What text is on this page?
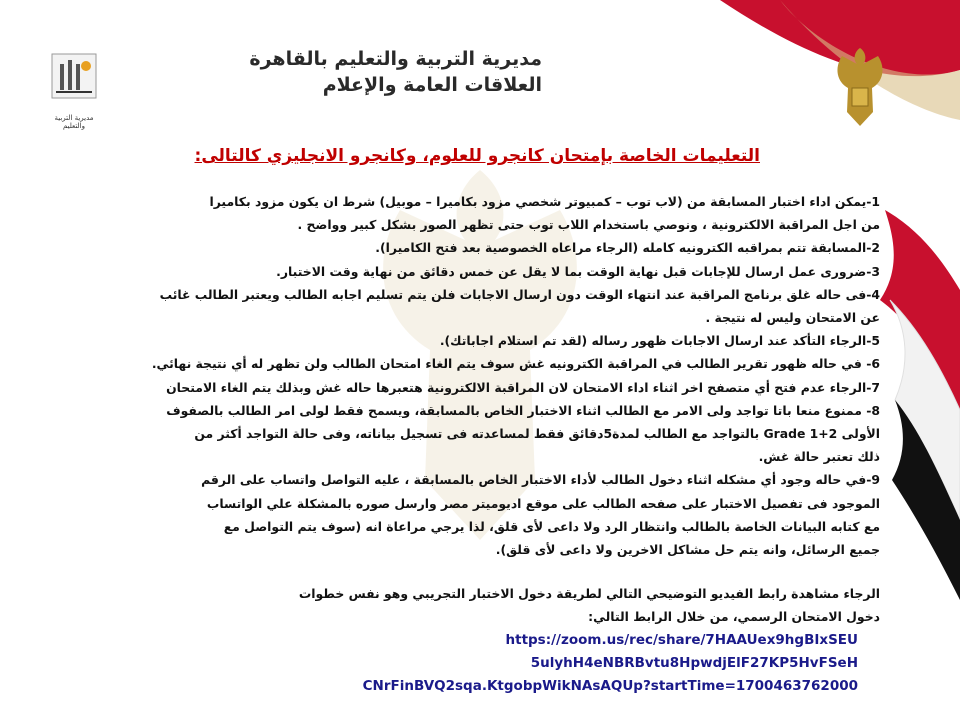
مديرية التربية والتعليم
مديرية التربية والتعليم بالقاهرة
العلاقات العامة والإعلام
التعليمات الخاصة بإمتحان كانجرو للعلوم، وكانجرو الانجليزي كالتالى:

1-يمكن اداء اختبار المسابقة من (لاب توب – كمبيوتر شخصي مزود بكاميرا – موبيل) شرط ان يكون مزود بكاميرا

من اجل المراقبة الالكترونية ، ونوصي باستخدام اللاب توب حتى تظهر الصور بشكل كبير وواضح .

2-المسابقة تتم بمراقبه الكترونيه كامله (الرجاء مراعاه الخصوصية بعد فتح الكاميرا).

3-ضرورى عمل ارسال للإجابات قبل نهاية الوقت بما لا يقل عن خمس دقائق من نهاية وقت الاختبار.

4-فى حاله غلق برنامج المراقبة عند انتهاء الوقت دون ارسال الاجابات فلن يتم تسليم اجابه الطالب ويعتبر الطالب غائب

عن الامتحان وليس له نتيجة .

5-الرجاء التأكد عند ارسال الاجابات ظهور رساله (لقد تم استلام اجاباتك).

6- في حاله ظهور تقرير الطالب في المراقبة الكترونيه غش سوف يتم الغاء امتحان الطالب ولن تظهر له أي نتيجة نهائي.

7-الرجاء عدم فتح أي متصفح اخر اثناء اداء الامتحان لان المراقبة الالكترونية هتعبرها حاله غش وبذلك يتم الغاء الامتحان

8- ممنوع منعا باتا تواجد ولى الامر مع الطالب اثناء الاختبار الخاص بالمسابقة، ويسمح فقط لولى امر الطالب بالصفوف

الأولى Grade 1+2 بالتواجد مع الطالب لمدة5دقائق فقط لمساعدته فى تسجيل بياناته، وفى حالة التواجد أكثر من

ذلك تعتبر حالة غش.

9-في حاله وجود أي مشكله اثناء دخول الطالب لأداء الاختبار الخاص بالمسابقة ، عليه التواصل واتساب على الرقم

الموجود فى تفصيل الاختبار على صفحه الطالب على موقع اديوميتر مصر وارسل صوره بالمشكلة علي الواتساب

مع كتابه البيانات الخاصة بالطالب وانتظار الرد ولا داعى لأى قلق، لذا يرجي مراعاة انه (سوف يتم التواصل مع

جميع الرسائل، وانه يتم حل مشاكل الاخرين ولا داعى لأى قلق).

الرجاء مشاهدة رابط الفيديو التوضيحي التالي لطريقة دخول الاختبار التجريبي وهو نفس خطوات

دخول الامتحان الرسمي، من خلال الرابط التالي:

https://zoom.us/rec/share/7HAAUex9hgBIxSEU

5ulyhH4eNBRBvtu8HpwdjElF27KP5HvFSeH

CNrFinBVQ2sqa.KtgobpWikNAsAQUp?startTime=1700463762000
